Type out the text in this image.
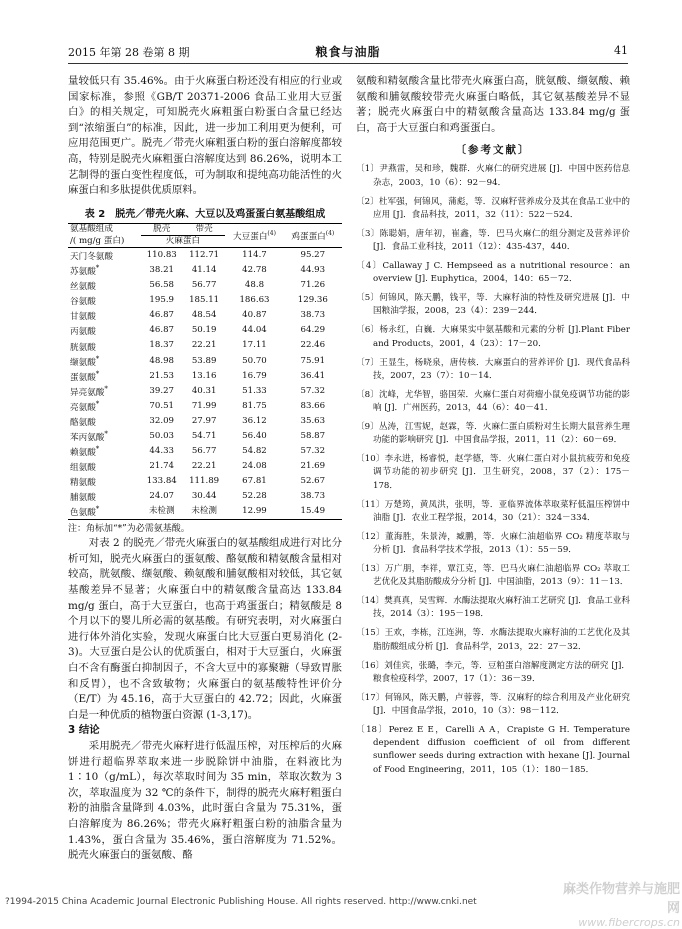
2015 年第 28 卷第 8 期	粮食与油脂	41

量较低只有 35.46%。由于火麻蛋白粉还没有相应的行业或国家标准，参照《GB/T 20371-2006 食品工业用大豆蛋白》的相关规定，可知脱壳火麻粗蛋白粉蛋白含量已经达到“浓缩蛋白”的标准，因此，进一步加工利用更为便利，可应用范围更广。脱壳／带壳火麻粗蛋白粉的蛋白溶解度都较高，特别是脱壳火麻粗蛋白溶解度达到 86.26%，说明本工艺制得的蛋白变性程度低，可为制取和提纯高功能活性的火麻蛋白和多肽提供优质原料。

表 2　脱壳／带壳火麻、大豆以及鸡蛋蛋白氨基酸组成
氨基酸组成	脱壳	带壳	大豆蛋白$^{(4)}$	鸡蛋蛋白$^{(4)}$
/( mg/g 蛋白)	火麻蛋白			
天门冬氨酸	110.83	112.71	114.7	95.27
苏氨酸*	38.21	41.14	42.78	44.93
丝氨酸	56.58	56.77	48.8	71.26
谷氨酸	195.9	185.11	186.63	129.36
甘氨酸	46.87	48.54	40.87	38.73
丙氨酸	46.87	50.19	44.04	64.29
胱氨酸	18.37	22.21	17.11	22.46
缬氨酸*	48.98	53.89	50.70	75.91
蛋氨酸*	21.53	13.16	16.79	36.41
异亮氨酸*	39.27	40.31	51.33	57.32
亮氨酸*	70.51	71.99	81.75	83.66
酪氨酸	32.09	27.97	36.12	35.63
苯丙氨酸*	50.03	54.71	56.40	58.87
赖氨酸*	44.33	56.77	54.82	57.32
组氨酸	21.74	22.21	24.08	21.69
精氨酸	133.84	111.89	67.81	52.67
脯氨酸	24.07	30.44	52.28	38.73
色氨酸*	未检测	未检测	12.99	15.49
注：角标加“*”为必需氨基酸。

对表 2 的脱壳／带壳火麻蛋白的氨基酸组成进行对比分析可知，脱壳火麻蛋白的蛋氨酸、酪氨酸和精氨酸含量相对较高，胱氨酸、缬氨酸、赖氨酸和脯氨酸相对较低，其它氨基酸差异不显著；火麻蛋白中的精氨酸含量高达 133.84 mg/g 蛋白，高于大豆蛋白，也高于鸡蛋蛋白；精氨酸是 8 个月以下的婴儿所必需的氨基酸。有研究表明，对火麻蛋白进行体外消化实验，发现火麻蛋白比大豆蛋白更易消化 (2-3)。大豆蛋白是公认的优质蛋白，相对于大豆蛋白，火麻蛋白不含有酶蛋白抑制因子，不含大豆中的寡聚糖（导致胃胀和反胃），也不含致敏物；火麻蛋白的氨基酸特性评价分（E/T）为 45.16，高于大豆蛋白的 42.72；因此，火麻蛋白是一种优质的植物蛋白资源 (1-3,17)。

3 结论

采用脱壳／带壳火麻籽进行低温压榨，对压榨后的火麻饼进行超临界萃取来进一步脱除饼中油脂，在料液比为 1∶10（g/mL），每次萃取时间为 35 min，萃取次数为 3 次，萃取温度为 32 ℃的条件下，制得的脱壳火麻籽粗蛋白粉的油脂含量降到 4.03%，此时蛋白含量为 75.31%，蛋白溶解度为 86.26%；带壳火麻籽粗蛋白粉的油脂含量为 1.43%，蛋白含量为 35.46%，蛋白溶解度为 71.52%。脱壳火麻蛋白的蛋氨酸、酪

氨酸和精氨酸含量比带壳火麻蛋白高，胱氨酸、缬氨酸、赖氨酸和脯氨酸较带壳火麻蛋白略低，其它氨基酸差异不显著；脱壳火麻蛋白中的精氨酸含量高达 133.84 mg/g 蛋白，高于大豆蛋白和鸡蛋蛋白。

〔参考文献〕
〔1〕尹燕雷，吴和珍，魏群．火麻仁的研究进展 [J]．中国中医药信息杂志，2003，10（6）：92－94．
〔2〕杜军强，何锦风，蒲彪，等．汉麻籽营养成分及其在食品工业中的应用 [J]．食品科技，2011，32（11）：522－524．
〔3〕陈聪娟，唐年初，崔鑫，等．巴马火麻仁的组分测定及营养评价 [J]．食品工业科技，2011（12）：435-437，440．
〔4〕Callaway J C. Hempseed as a nutritional resource：an overview [J]. Euphytica，2004，140：65－72．
〔5〕何锦风，陈天鹏，钱平，等．大麻籽油的特性及研究进展 [J]．中国粮油学报，2008，23（4）：239－244．
〔6〕杨永红，白巍．大麻果实中氨基酸和元素的分析 [J].Plant Fiber and Products，2001，4（23）：17－20．
〔7〕王显生，杨晓泉，唐传核．大麻蛋白的营养评价 [J]．现代食品科技，2007，23（7）：10－14．
〔8〕沈峰，尤华智，骆国荣．火麻仁蛋白对荷瘤小鼠免疫调节功能的影响 [J]．广州医药，2013，44（6）：40－41．
〔9〕丛涛，江雪妮，赵霖，等．火麻仁蛋白质粉对生长期大鼠营养生理功能的影响研究 [J]．中国食品学报，2011，11（2）：60－69．
〔10〕李永进，杨睿悦，赵学德，等．火麻仁蛋白对小鼠抗疲劳和免疫调节功能的初步研究 [J]．卫生研究，2008，37（2）：175－178．
〔11〕万楚筠，黄凤洪，张明，等．亚临界流体萃取菜籽低温压榨饼中油脂 [J]．农业工程学报，2014，30（21）：324－334．
〔12〕董海胜，朱景涛，臧鹏，等．火麻仁油超临界 CO₂ 精度萃取与分析 [J]．食品科学技术学报，2013（1）：55－59．
〔13〕万广朋，李祥，覃江克，等．巴马火麻仁油超临界 CO₂ 萃取工艺优化及其脂肪酸成分分析 [J]．中国油脂，2013（9）：11－13．
〔14〕樊真真，吴雪辉．水酶法提取火麻籽油工艺研究 [J]．食品工业科技，2014（3）：195－198．
〔15〕王欢，李栋，江连洲，等．水酶法提取火麻籽油的工艺优化及其脂肪酸组成分析 [J]．食品科学，2013，22：27－32．
〔16〕刘佳宾，张璐，李元，等．豆粕蛋白溶解度测定方法的研究 [J]．粮食检疫科学，2007，17（1）：36－39．
〔17〕何锦风，陈天鹏，卢蓉蓉，等．汉麻籽的综合利用及产业化研究 [J]．中国食品学报，2010，10（3）：98－112．
〔18〕Perez E E，Carelli A A，Crapiste G H. Temperature dependent diffusion coefficient of oil from different sunflower seeds during extraction with hexane [J]. Journal of Food Engineering，2011，105（1）：180－185．
?1994-2015 China Academic Journal Electronic Publishing House. All rights reserved. http://www.cnki.net
麻类作物营养与施肥网
www.fibercrops.cn
